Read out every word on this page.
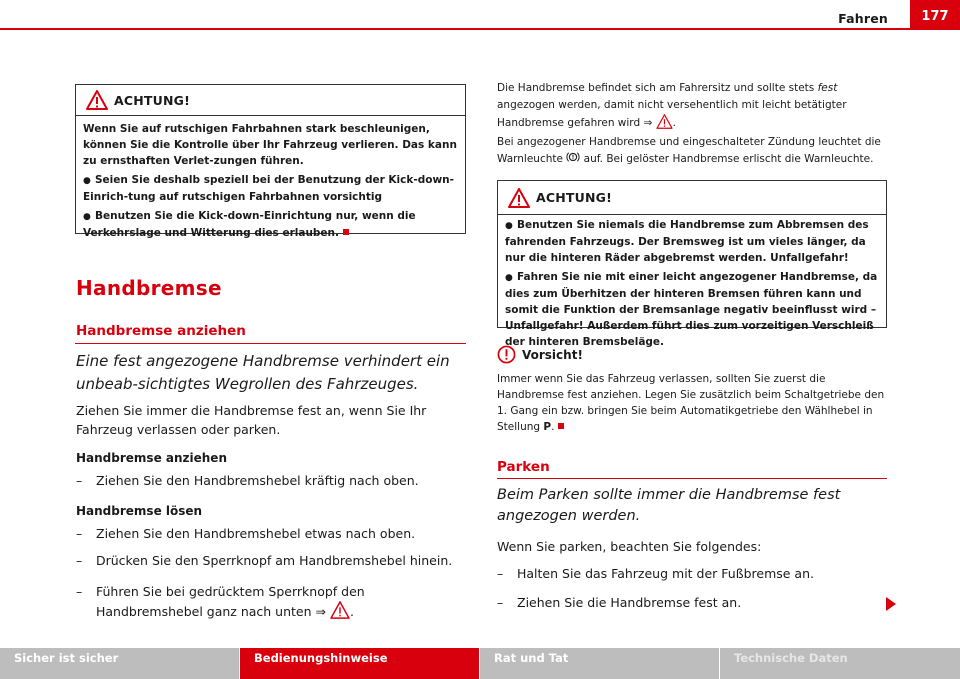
Fahren	177
ACHTUNG!

Wenn Sie auf rutschigen Fahrbahnen stark beschleunigen, können Sie die Kontrolle über Ihr Fahrzeug verlieren. Das kann zu ernsthaften Verlet-zungen führen.

● Seien Sie deshalb speziell bei der Benutzung der Kick-down-Einrich-tung auf rutschigen Fahrbahnen vorsichtig

● Benutzen Sie die Kick-down-Einrichtung nur, wenn die Verkehrslage und Witterung dies erlauben.

Handbremse
Handbremse anziehen
Eine fest angezogene Handbremse verhindert ein unbeab-sichtigtes Wegrollen des Fahrzeuges.
Ziehen Sie immer die Handbremse fest an, wenn Sie Ihr Fahrzeug verlassen oder parken.
Handbremse anziehen
–	Ziehen Sie den Handbremshebel kräftig nach oben.
Handbremse lösen
–	Ziehen Sie den Handbremshebel etwas nach oben.
–	Drücken Sie den Sperrknopf am Handbremshebel hinein.
–	Führen Sie bei gedrücktem Sperrknopf den Handbremshebel ganz nach unten ⇒ .
Die Handbremse befindet sich am Fahrersitz und sollte stets fest angezogen werden, damit nicht versehentlich mit leicht betätigter Handbremse gefahren wird ⇒ .
Bei angezogener Handbremse und eingeschalteter Zündung leuchtet die Warnleuchte auf. Bei gelöster Handbremse erlischt die Warnleuchte.
ACHTUNG!

● Benutzen Sie niemals die Handbremse zum Abbremsen des fahrenden Fahrzeugs. Der Bremsweg ist um vieles länger, da nur die hinteren Räder abgebremst werden. Unfallgefahr!

● Fahren Sie nie mit einer leicht angezogener Handbremse, da dies zum Überhitzen der hinteren Bremsen führen kann und somit die Funktion der Bremsanlage negativ beeinflusst wird – Unfallgefahr! Außerdem führt dies zum vorzeitigen Verschleiß der hinteren Bremsbeläge.

Vorsicht!
Immer wenn Sie das Fahrzeug verlassen, sollten Sie zuerst die Handbremse fest anziehen. Legen Sie zusätzlich beim Schaltgetriebe den 1. Gang ein bzw. bringen Sie beim Automatikgetriebe den Wählhebel in Stellung P.
Parken
Beim Parken sollte immer die Handbremse fest angezogen werden.
Wenn Sie parken, beachten Sie folgendes:
–	Halten Sie das Fahrzeug mit der Fußbremse an.
–	Ziehen Sie die Handbremse fest an.
Sicher ist sicher	Bedienungshinweise	Rat und Tat	Technische Daten
